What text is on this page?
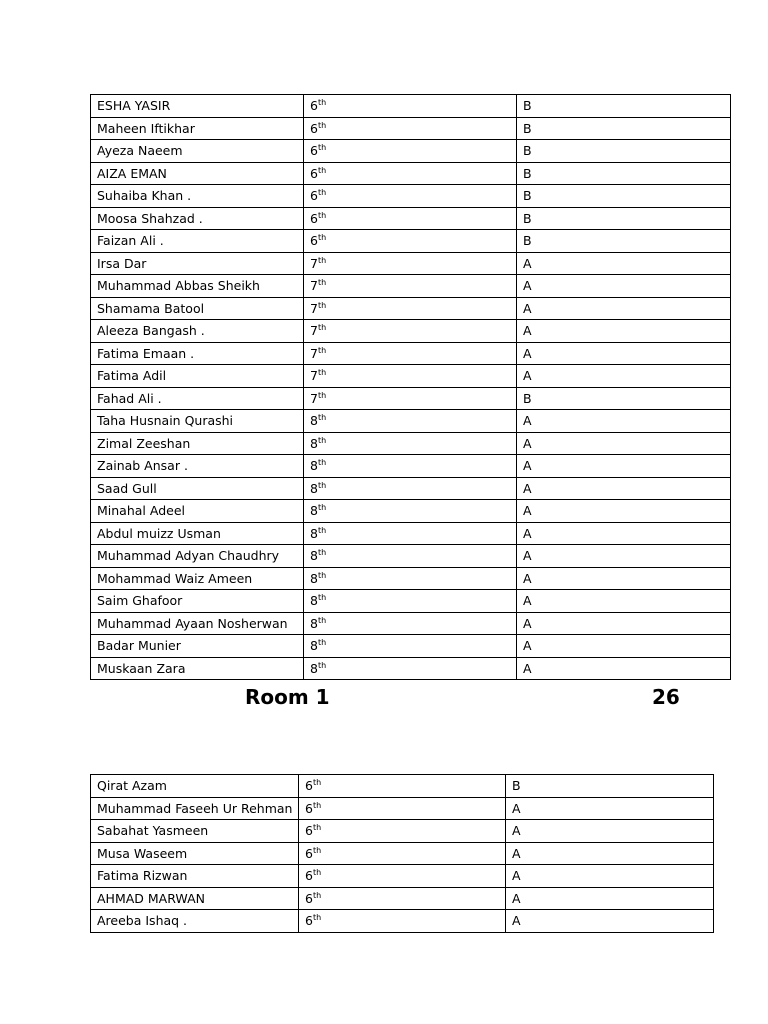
ESHA YASIR	6th	B
Maheen Iftikhar	6th	B
Ayeza Naeem	6th	B
AIZA EMAN	6th	B
Suhaiba Khan .	6th	B
Moosa Shahzad .	6th	B
Faizan Ali .	6th	B
Irsa Dar	7th	A
Muhammad Abbas Sheikh	7th	A
Shamama Batool	7th	A
Aleeza Bangash .	7th	A
Fatima Emaan .	7th	A
Fatima Adil	7th	A
Fahad Ali .	7th	B
Taha Husnain Qurashi	8th	A
Zimal Zeeshan	8th	A
Zainab Ansar .	8th	A
Saad Gull	8th	A
Minahal Adeel	8th	A
Abdul muizz Usman	8th	A
Muhammad Adyan Chaudhry	8th	A
Mohammad Waiz Ameen	8th	A
Saim Ghafoor	8th	A
Muhammad Ayaan Nosherwan	8th	A
Badar Munier	8th	A
Muskaan Zara	8th	A
Room 1	26
Qirat Azam	6th	B
Muhammad Faseeh Ur Rehman	6th	A
Sabahat Yasmeen	6th	A
Musa Waseem	6th	A
Fatima Rizwan	6th	A
AHMAD MARWAN	6th	A
Areeba Ishaq .	6th	A
